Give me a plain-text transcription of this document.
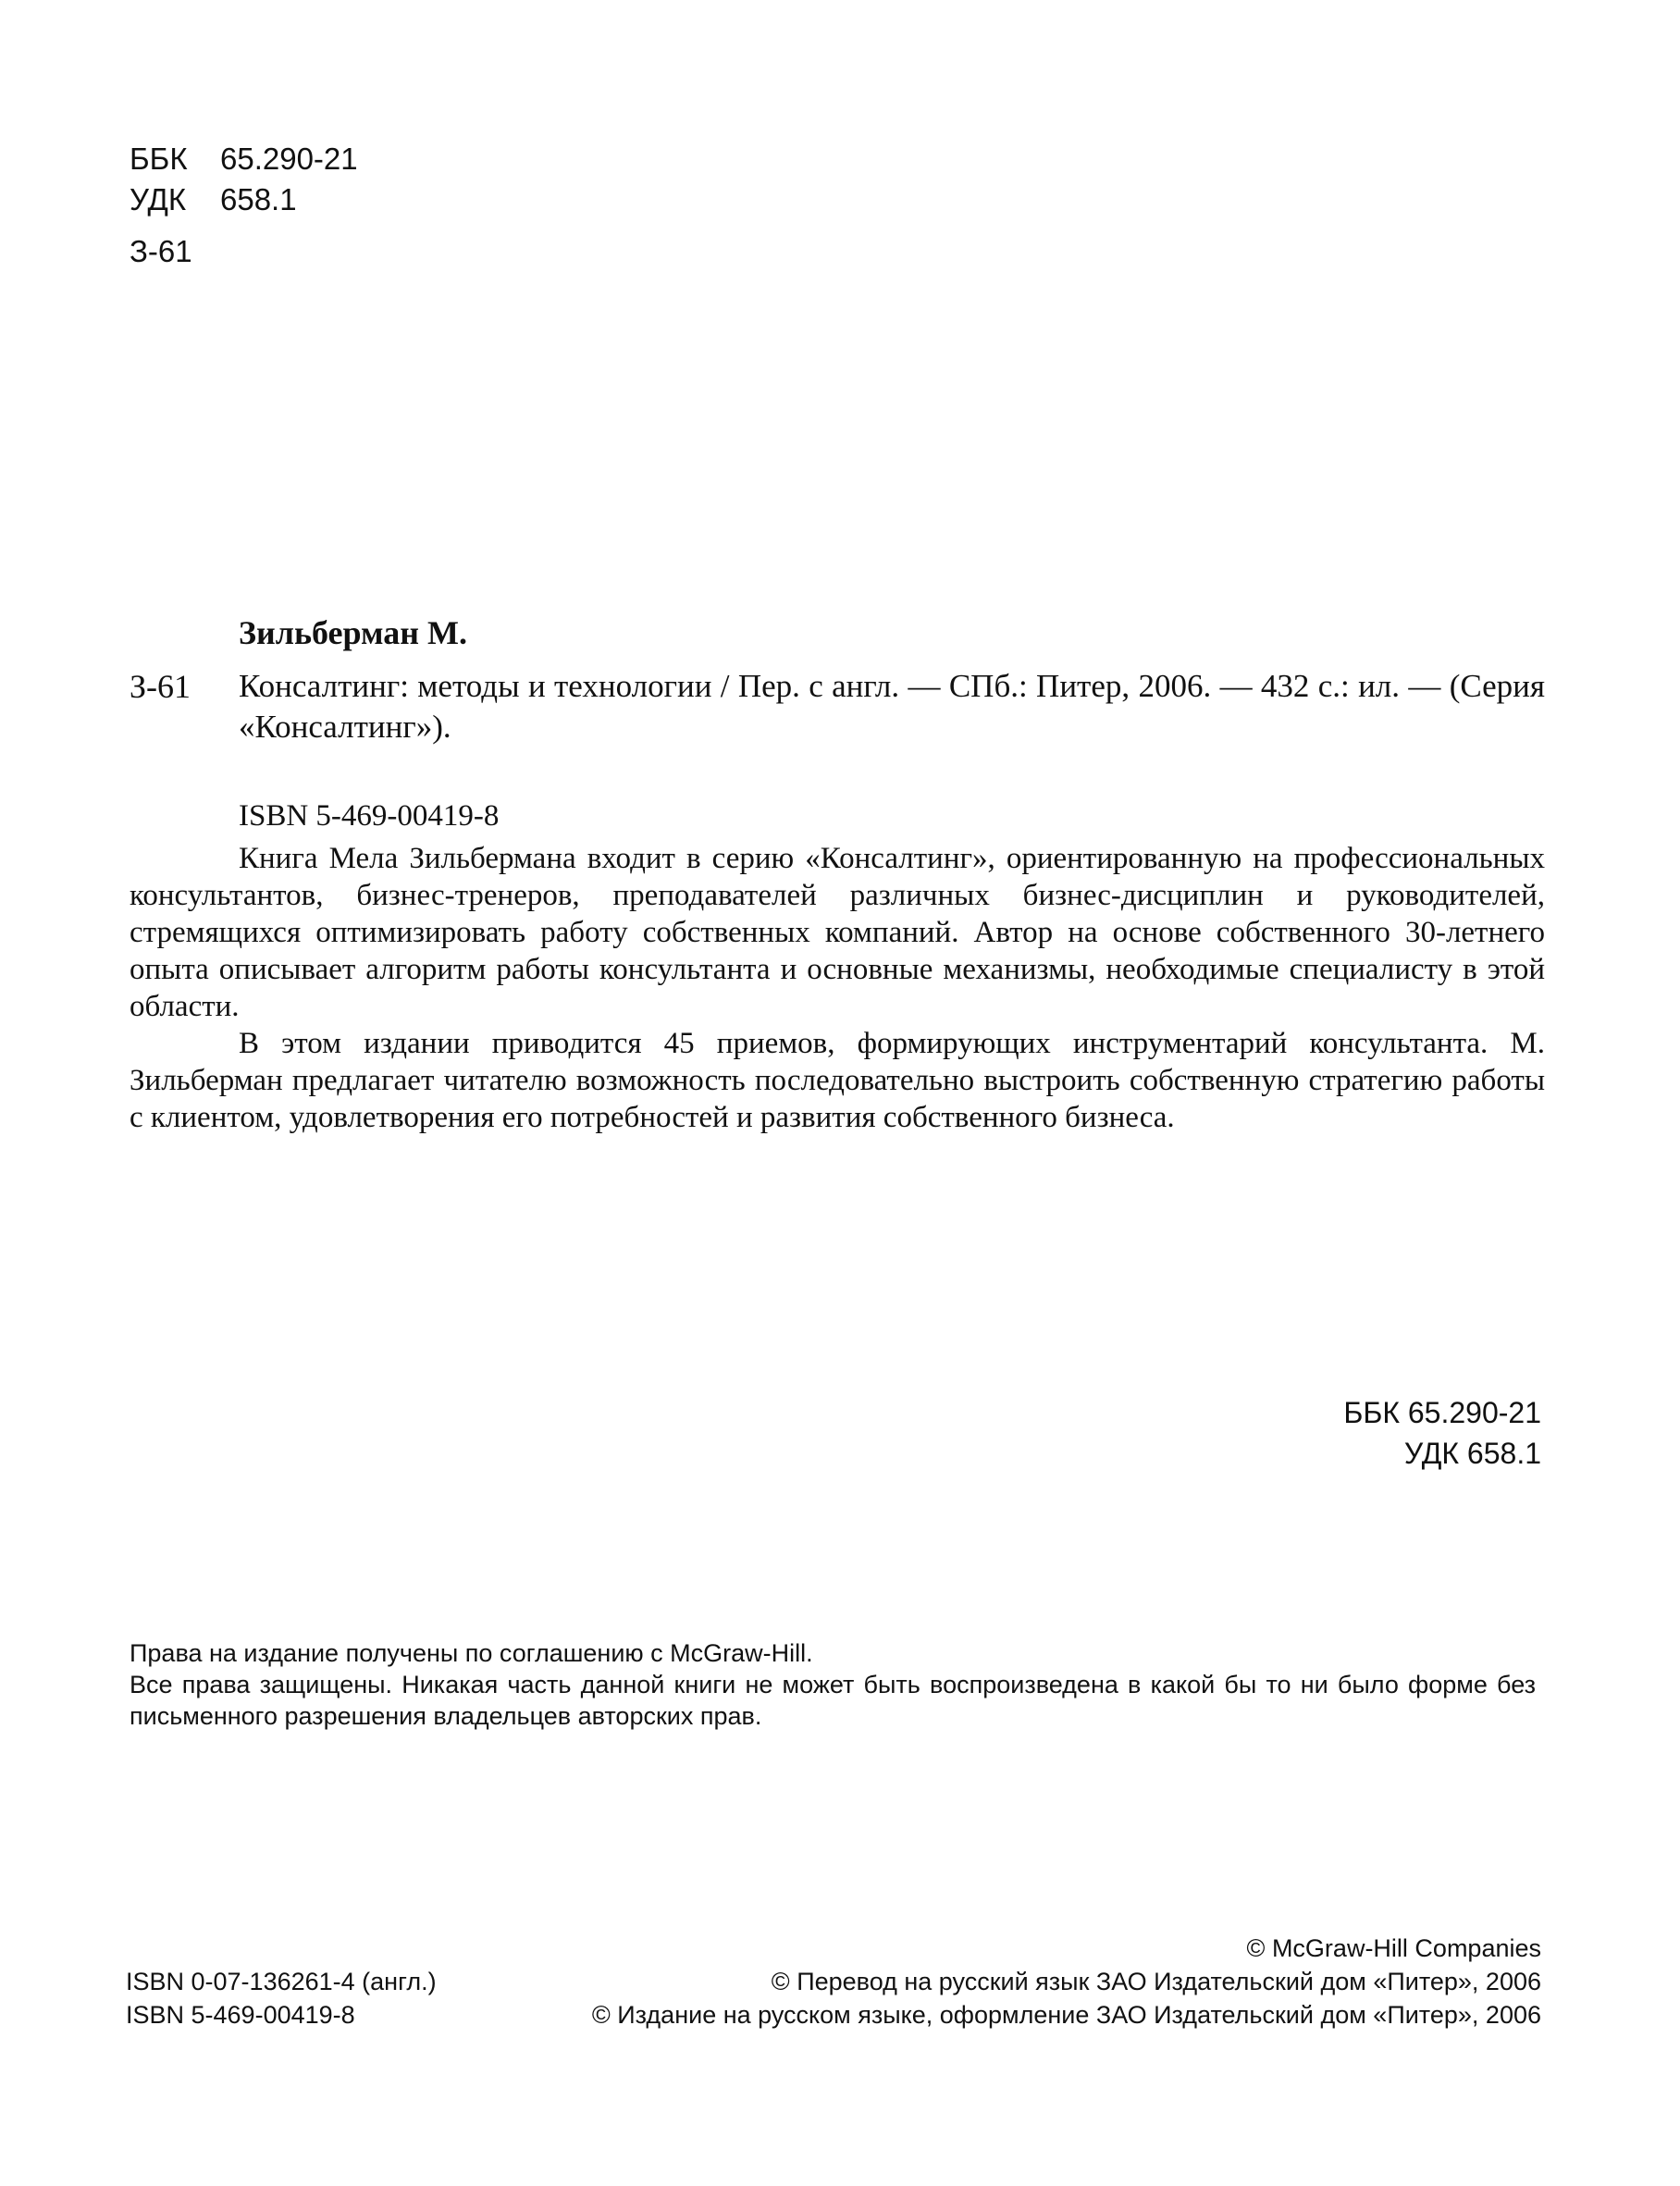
ББК 65.290-21
УДК 658.1
З-61
Зильберман М.
З-61 Консалтинг: методы и технологии / Пер. с англ. — СПб.: Питер, 2006. — 432 с.: ил. — (Серия «Консалтинг»).
ISBN 5-469-00419-8

Книга Мела Зильбермана входит в серию «Консалтинг», ориентированную на профессиональных консультантов, бизнес-тренеров, преподавателей различных бизнес-дисциплин и руководителей, стремящихся оптимизировать работу собственных компаний. Автор на основе собственного 30-летнего опыта описывает алгоритм работы консультанта и основные механизмы, необходимые специалисту в этой области.

В этом издании приводится 45 приемов, формирующих инструментарий консультанта. М. Зильберман предлагает читателю возможность последовательно выстроить собственную стратегию работы с клиентом, удовлетворения его потребностей и развития собственного бизнеса.

ББК 65.290-21
УДК 658.1

Права на издание получены по соглашению с McGraw-Hill.

Все права защищены. Никакая часть данной книги не может быть воспроизведена в какой бы то ни было форме без письменного разрешения владельцев авторских прав.

ISBN 0-07-136261-4 (англ.)
ISBN 5-469-00419-8
© McGraw-Hill Companies
© Перевод на русский язык ЗАО Издательский дом «Питер», 2006
© Издание на русском языке, оформление ЗАО Издательский дом «Питер», 2006
